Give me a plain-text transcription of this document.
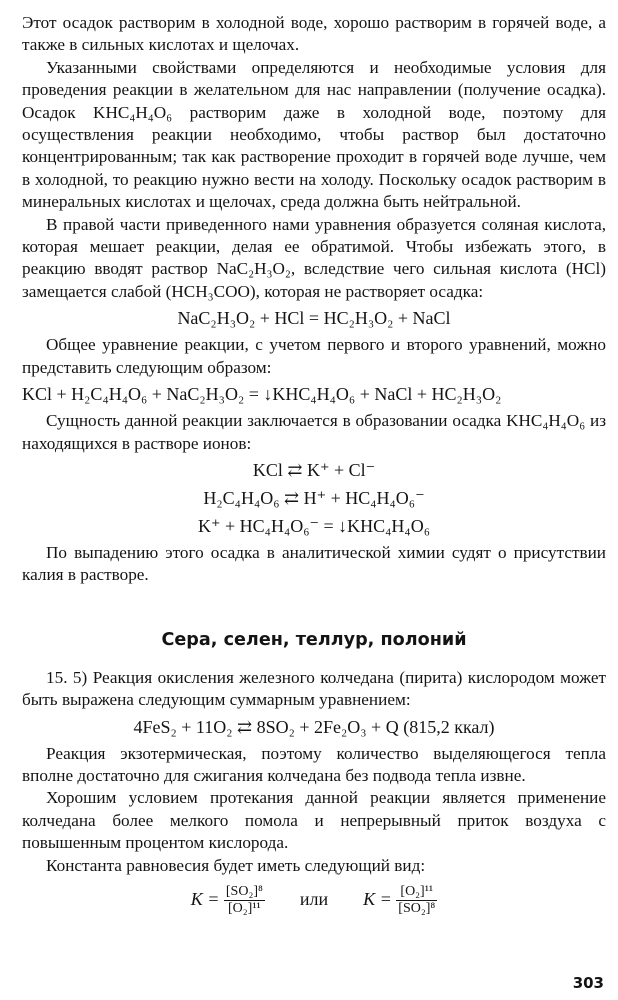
Этот осадок растворим в холодной воде, хорошо растворим в горячей воде, а также в сильных кислотах и щелочах.

Указанными свойствами определяются и необходимые условия для проведения реакции в желательном для нас направлении (получение осадка). Осадок KHC₄H₄O₆ растворим даже в холодной воде, поэтому для осуществления реакции необходимо, чтобы раствор был достаточно концентрированным; так как растворение проходит в горячей воде лучше, чем в холодной, то реакцию нужно вести на холоду. Поскольку осадок растворим в минеральных кислотах и щелочах, среда должна быть нейтральной.

В правой части приведенного нами уравнения образуется соляная кислота, которая мешает реакции, делая ее обратимой. Чтобы избежать этого, в реакцию вводят раствор NaC₂H₃O₂, вследствие чего сильная кислота (HCl) замещается слабой (HCH₃COO), которая не растворяет осадка:

NaC₂H₃O₂ + HCl = HC₂H₃O₂ + NaCl

Общее уравнение реакции, с учетом первого и второго уравнений, можно представить следующим образом:

KCl + H₂C₄H₄O₆ + NaC₂H₃O₂ = ↓KHC₄H₄O₆ + NaCl + HC₂H₃O₂

Сущность данной реакции заключается в образовании осадка KHC₄H₄O₆ из находящихся в растворе ионов:

KCl ⇄ K⁺ + Cl⁻
H₂C₄H₄O₆ ⇄ H⁺ + HC₄H₄O₆⁻
K⁺ + HC₄H₄O₆⁻ = ↓KHC₄H₄O₆

По выпадению этого осадка в аналитической химии судят о присутствии калия в растворе.

Сера, селен, теллур, полоний

15. 5) Реакция окисления железного колчедана (пирита) кислородом может быть выражена следующим суммарным уравнением:

4FeS₂ + 11O₂ ⇄ 8SO₂ + 2Fe₂O₃ + Q (815,2 ккал)

Реакция экзотермическая, поэтому количество выделяющегося тепла вполне достаточно для сжигания колчедана без подвода тепла извне.

Хорошим условием протекания данной реакции является применение колчедана более мелкого помола и непрерывный приток воздуха с повышенным процентом кислорода.

Константа равновесия будет иметь следующий вид:

$K = \frac{\text{[SO₂]⁸}}{\text{[O₂]¹¹}}$ или $K = \frac{\text{[O₂]¹¹}}{\text{[SO₂]⁸}}$
303
